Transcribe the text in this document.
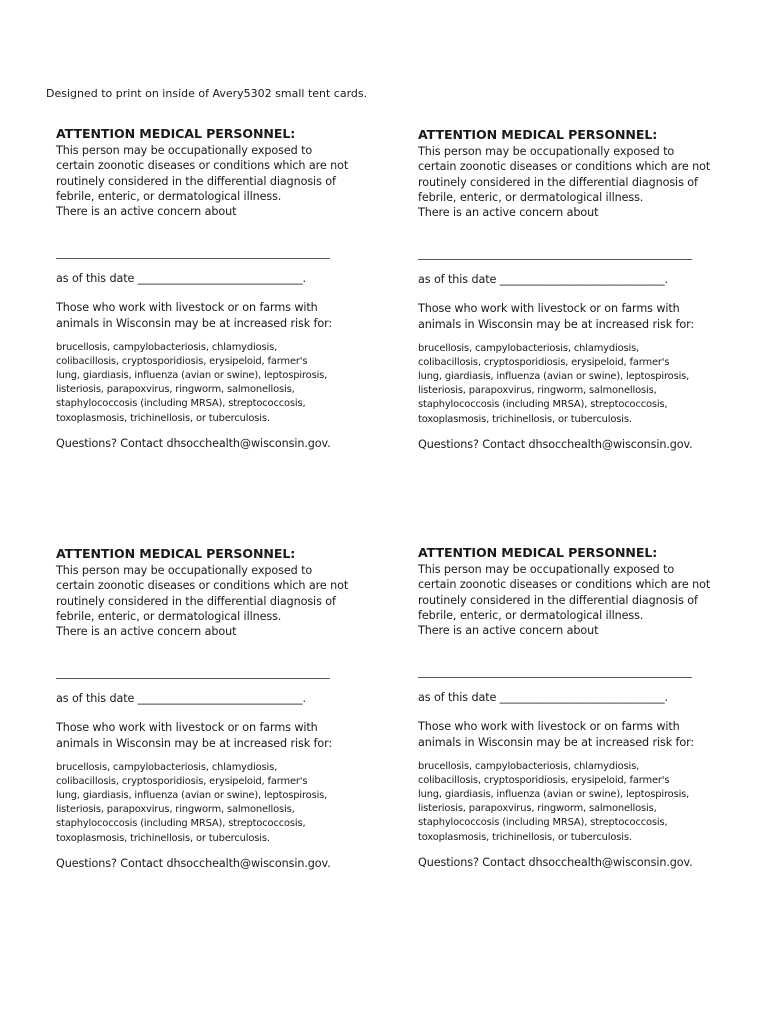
Designed to print on inside of Avery5302 small tent cards.
ATTENTION MEDICAL PERSONNEL:
This person may be occupationally exposed to
certain zoonotic diseases or conditions which are not
routinely considered in the differential diagnosis of
febrile, enteric, or dermatological illness.
There is an active concern about
as of this date ______________________________.
Those who work with livestock or on farms with
animals in Wisconsin may be at increased risk for:
brucellosis, campylobacteriosis, chlamydiosis,
colibacillosis, cryptosporidiosis, erysipeloid, farmer's
lung, giardiasis, influenza (avian or swine), leptospirosis,
listeriosis, parapoxvirus, ringworm, salmonellosis,
staphylococcosis (including MRSA), streptococcosis,
toxoplasmosis, trichinellosis, or tuberculosis.
Questions? Contact dhsocchealth@wisconsin.gov.
ATTENTION MEDICAL PERSONNEL:
This person may be occupationally exposed to
certain zoonotic diseases or conditions which are not
routinely considered in the differential diagnosis of
febrile, enteric, or dermatological illness.
There is an active concern about
as of this date ______________________________.
Those who work with livestock or on farms with
animals in Wisconsin may be at increased risk for:
brucellosis, campylobacteriosis, chlamydiosis,
colibacillosis, cryptosporidiosis, erysipeloid, farmer's
lung, giardiasis, influenza (avian or swine), leptospirosis,
listeriosis, parapoxvirus, ringworm, salmonellosis,
staphylococcosis (including MRSA), streptococcosis,
toxoplasmosis, trichinellosis, or tuberculosis.
Questions? Contact dhsocchealth@wisconsin.gov.
ATTENTION MEDICAL PERSONNEL:
This person may be occupationally exposed to
certain zoonotic diseases or conditions which are not
routinely considered in the differential diagnosis of
febrile, enteric, or dermatological illness.
There is an active concern about
as of this date ______________________________.
Those who work with livestock or on farms with
animals in Wisconsin may be at increased risk for:
brucellosis, campylobacteriosis, chlamydiosis,
colibacillosis, cryptosporidiosis, erysipeloid, farmer's
lung, giardiasis, influenza (avian or swine), leptospirosis,
listeriosis, parapoxvirus, ringworm, salmonellosis,
staphylococcosis (including MRSA), streptococcosis,
toxoplasmosis, trichinellosis, or tuberculosis.
Questions? Contact dhsocchealth@wisconsin.gov.
ATTENTION MEDICAL PERSONNEL:
This person may be occupationally exposed to
certain zoonotic diseases or conditions which are not
routinely considered in the differential diagnosis of
febrile, enteric, or dermatological illness.
There is an active concern about
as of this date ______________________________.
Those who work with livestock or on farms with
animals in Wisconsin may be at increased risk for:
brucellosis, campylobacteriosis, chlamydiosis,
colibacillosis, cryptosporidiosis, erysipeloid, farmer's
lung, giardiasis, influenza (avian or swine), leptospirosis,
listeriosis, parapoxvirus, ringworm, salmonellosis,
staphylococcosis (including MRSA), streptococcosis,
toxoplasmosis, trichinellosis, or tuberculosis.
Questions? Contact dhsocchealth@wisconsin.gov.
